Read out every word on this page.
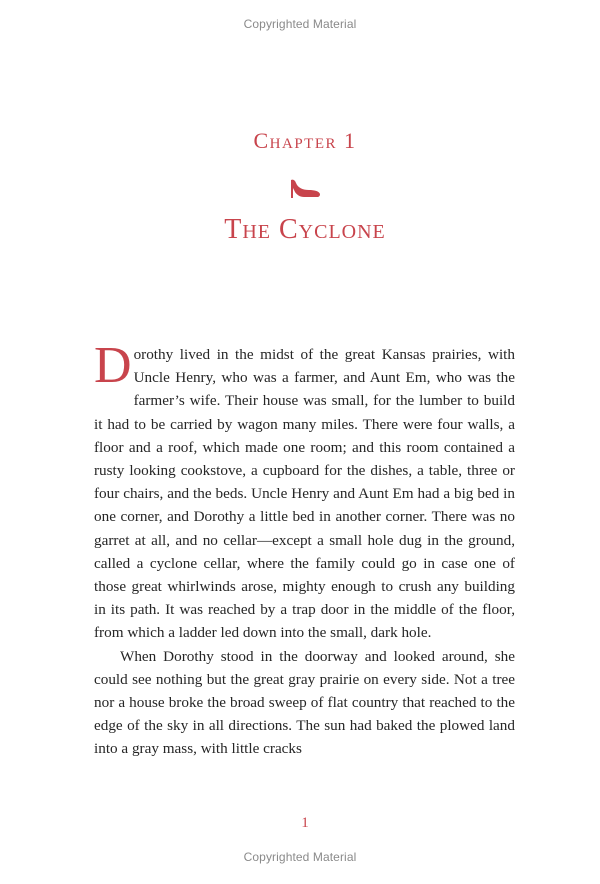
Copyrighted Material
Chapter 1
The Cyclone

Dorothy lived in the midst of the great Kansas prairies, with Uncle Henry, who was a farmer, and Aunt Em, who was the farmer’s wife. Their house was small, for the lumber to build it had to be carried by wagon many miles. There were four walls, a floor and a roof, which made one room; and this room contained a rusty looking cookstove, a cupboard for the dishes, a table, three or four chairs, and the beds. Uncle Henry and Aunt Em had a big bed in one corner, and Dorothy a little bed in another corner. There was no garret at all, and no cellar—except a small hole dug in the ground, called a cyclone cellar, where the family could go in case one of those great whirlwinds arose, mighty enough to crush any building in its path. It was reached by a trap door in the middle of the floor, from which a ladder led down into the small, dark hole.

When Dorothy stood in the doorway and looked around, she could see nothing but the great gray prairie on every side. Not a tree nor a house broke the broad sweep of flat country that reached to the edge of the sky in all directions. The sun had baked the plowed land into a gray mass, with little cracks

1
Copyrighted Material
